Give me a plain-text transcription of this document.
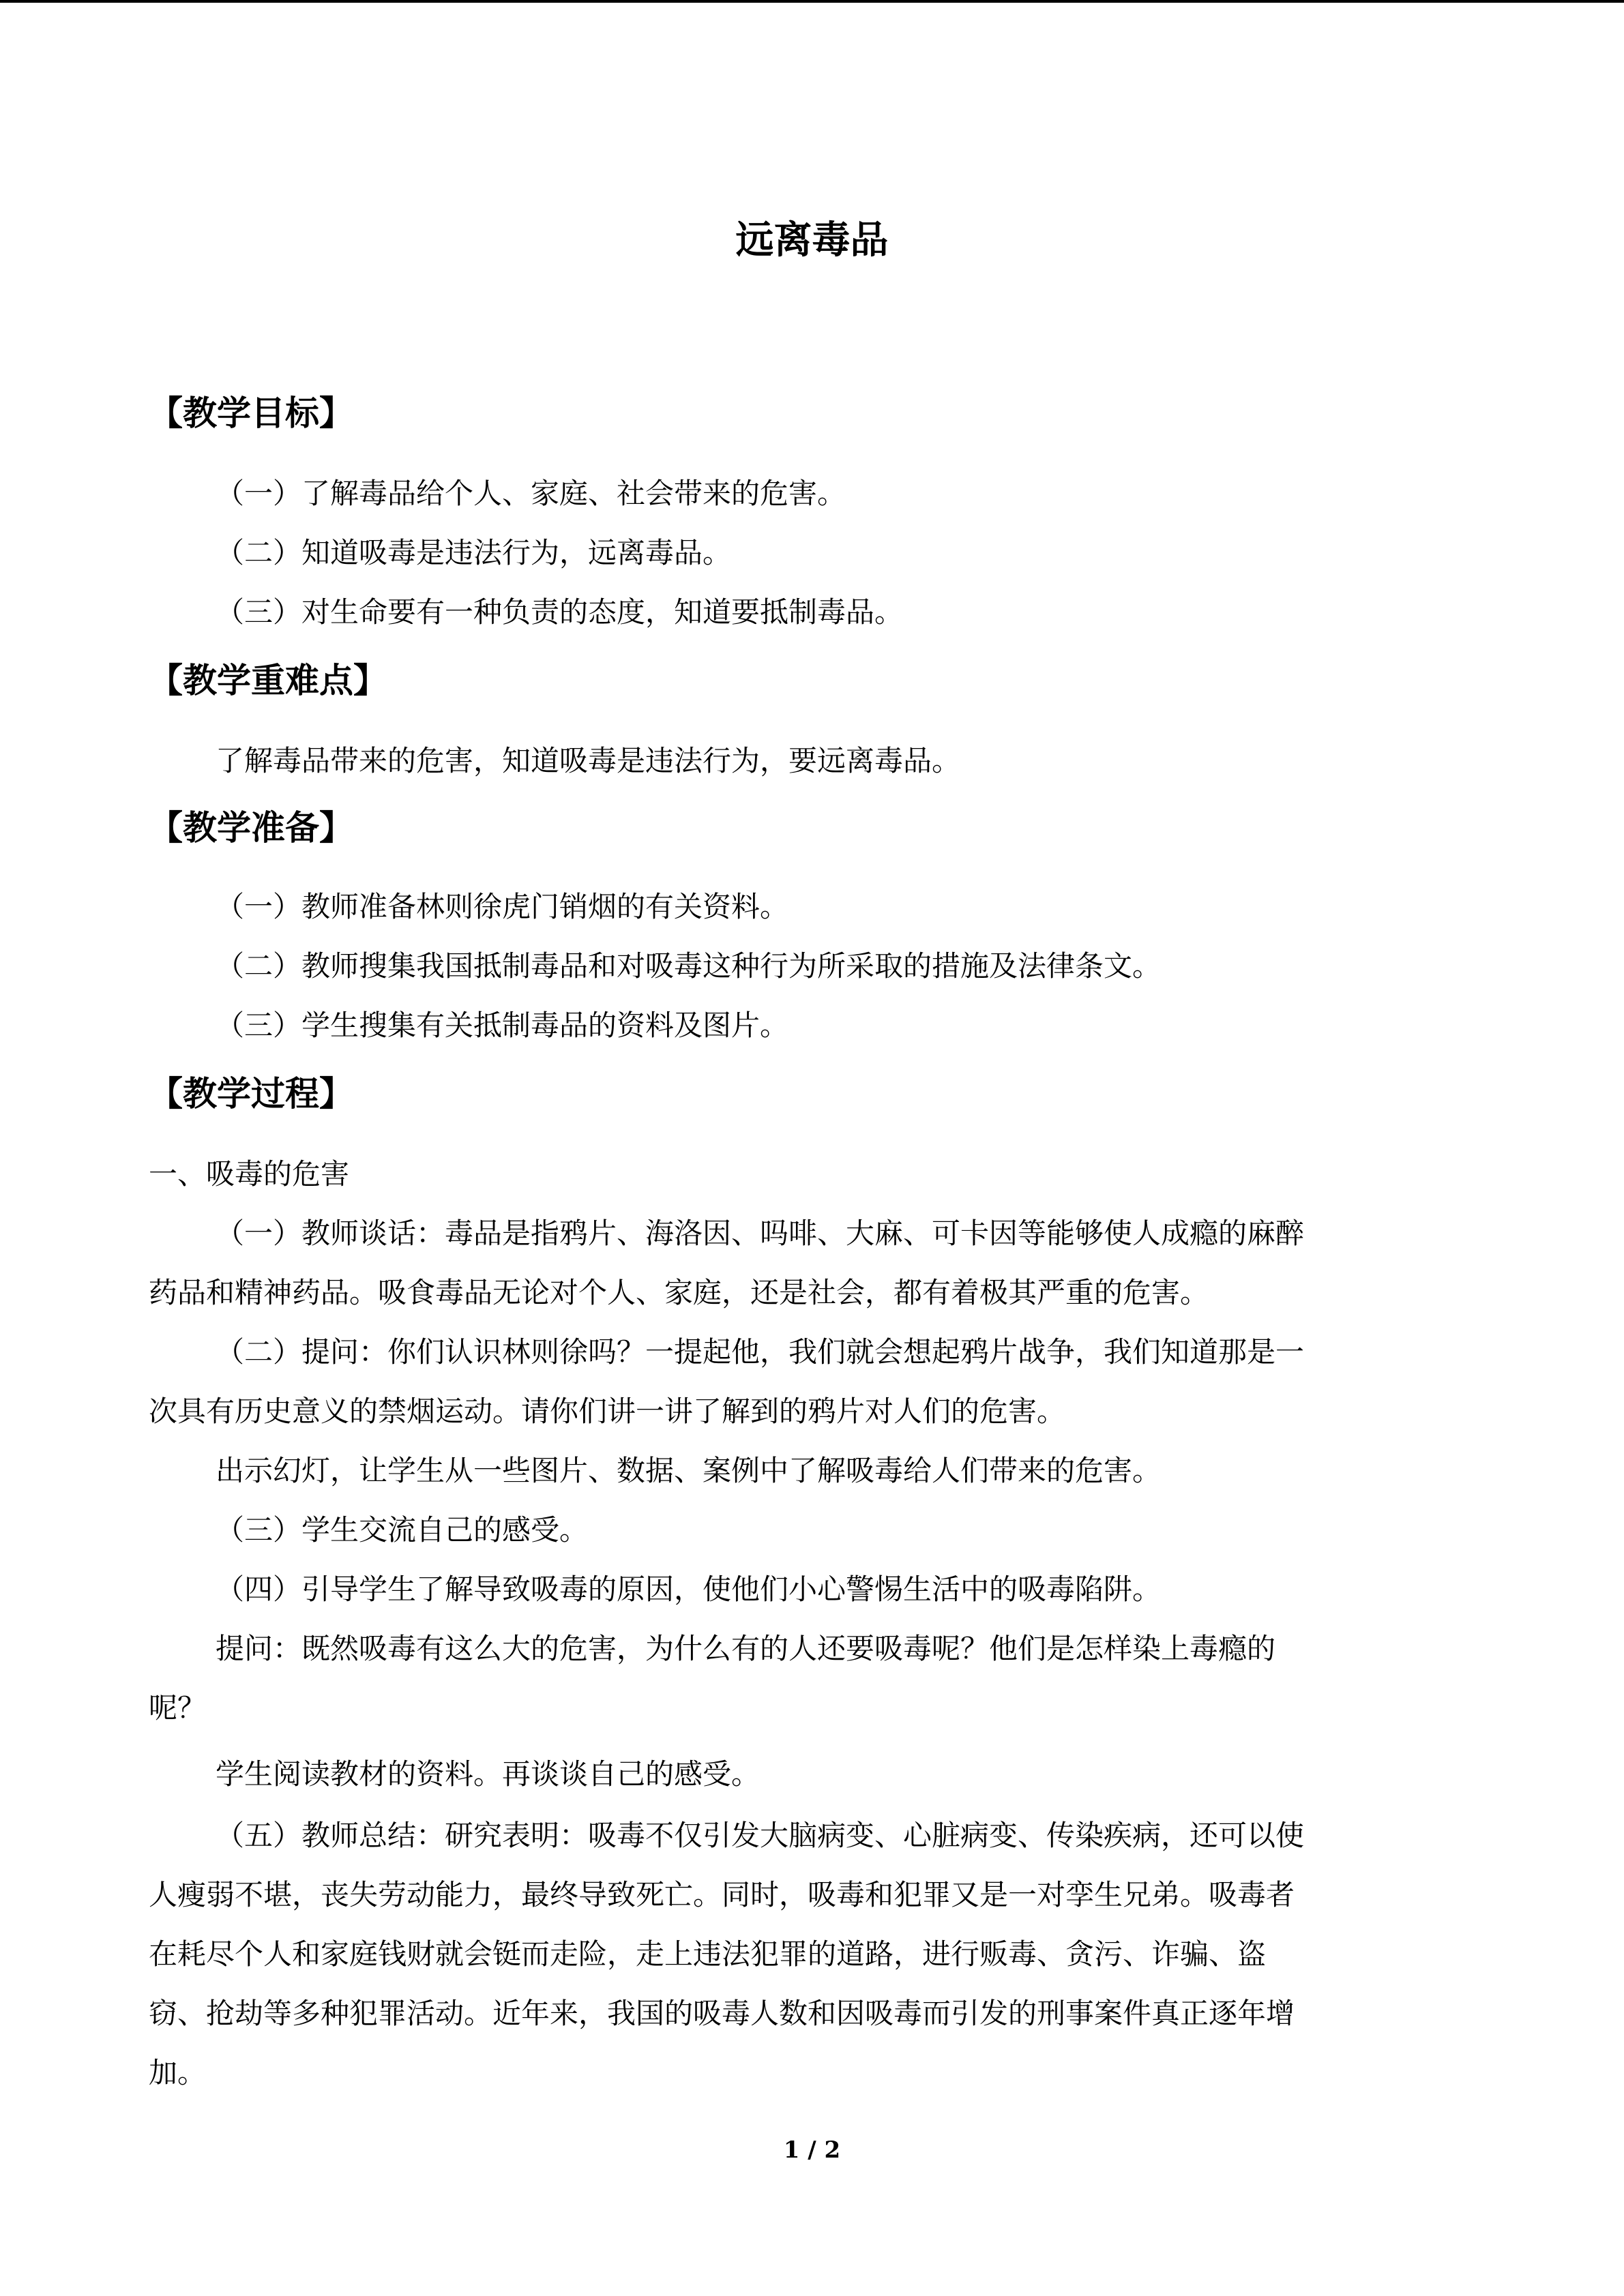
远离毒品
【教学目标】
（一）了解毒品给个人、家庭、社会带来的危害。
（二）知道吸毒是违法行为，远离毒品。
（三）对生命要有一种负责的态度，知道要抵制毒品。
【教学重难点】
了解毒品带来的危害，知道吸毒是违法行为，要远离毒品。
【教学准备】
（一）教师准备林则徐虎门销烟的有关资料。
（二）教师搜集我国抵制毒品和对吸毒这种行为所采取的措施及法律条文。
（三）学生搜集有关抵制毒品的资料及图片。
【教学过程】
一、吸毒的危害
（一）教师谈话：毒品是指鸦片、海洛因、吗啡、大麻、可卡因等能够使人成瘾的麻醉
药品和精神药品。吸食毒品无论对个人、家庭，还是社会，都有着极其严重的危害。
（二）提问：你们认识林则徐吗？一提起他，我们就会想起鸦片战争，我们知道那是一
次具有历史意义的禁烟运动。请你们讲一讲了解到的鸦片对人们的危害。
出示幻灯，让学生从一些图片、数据、案例中了解吸毒给人们带来的危害。
（三）学生交流自己的感受。
（四）引导学生了解导致吸毒的原因，使他们小心警惕生活中的吸毒陷阱。
提问：既然吸毒有这么大的危害，为什么有的人还要吸毒呢？他们是怎样染上毒瘾的
呢？
学生阅读教材的资料。再谈谈自己的感受。
（五）教师总结：研究表明：吸毒不仅引发大脑病变、心脏病变、传染疾病，还可以使
人瘦弱不堪，丧失劳动能力，最终导致死亡。同时，吸毒和犯罪又是一对孪生兄弟。吸毒者
在耗尽个人和家庭钱财就会铤而走险，走上违法犯罪的道路，进行贩毒、贪污、诈骗、盗
窃、抢劫等多种犯罪活动。近年来，我国的吸毒人数和因吸毒而引发的刑事案件真正逐年增
加。
1 / 2
